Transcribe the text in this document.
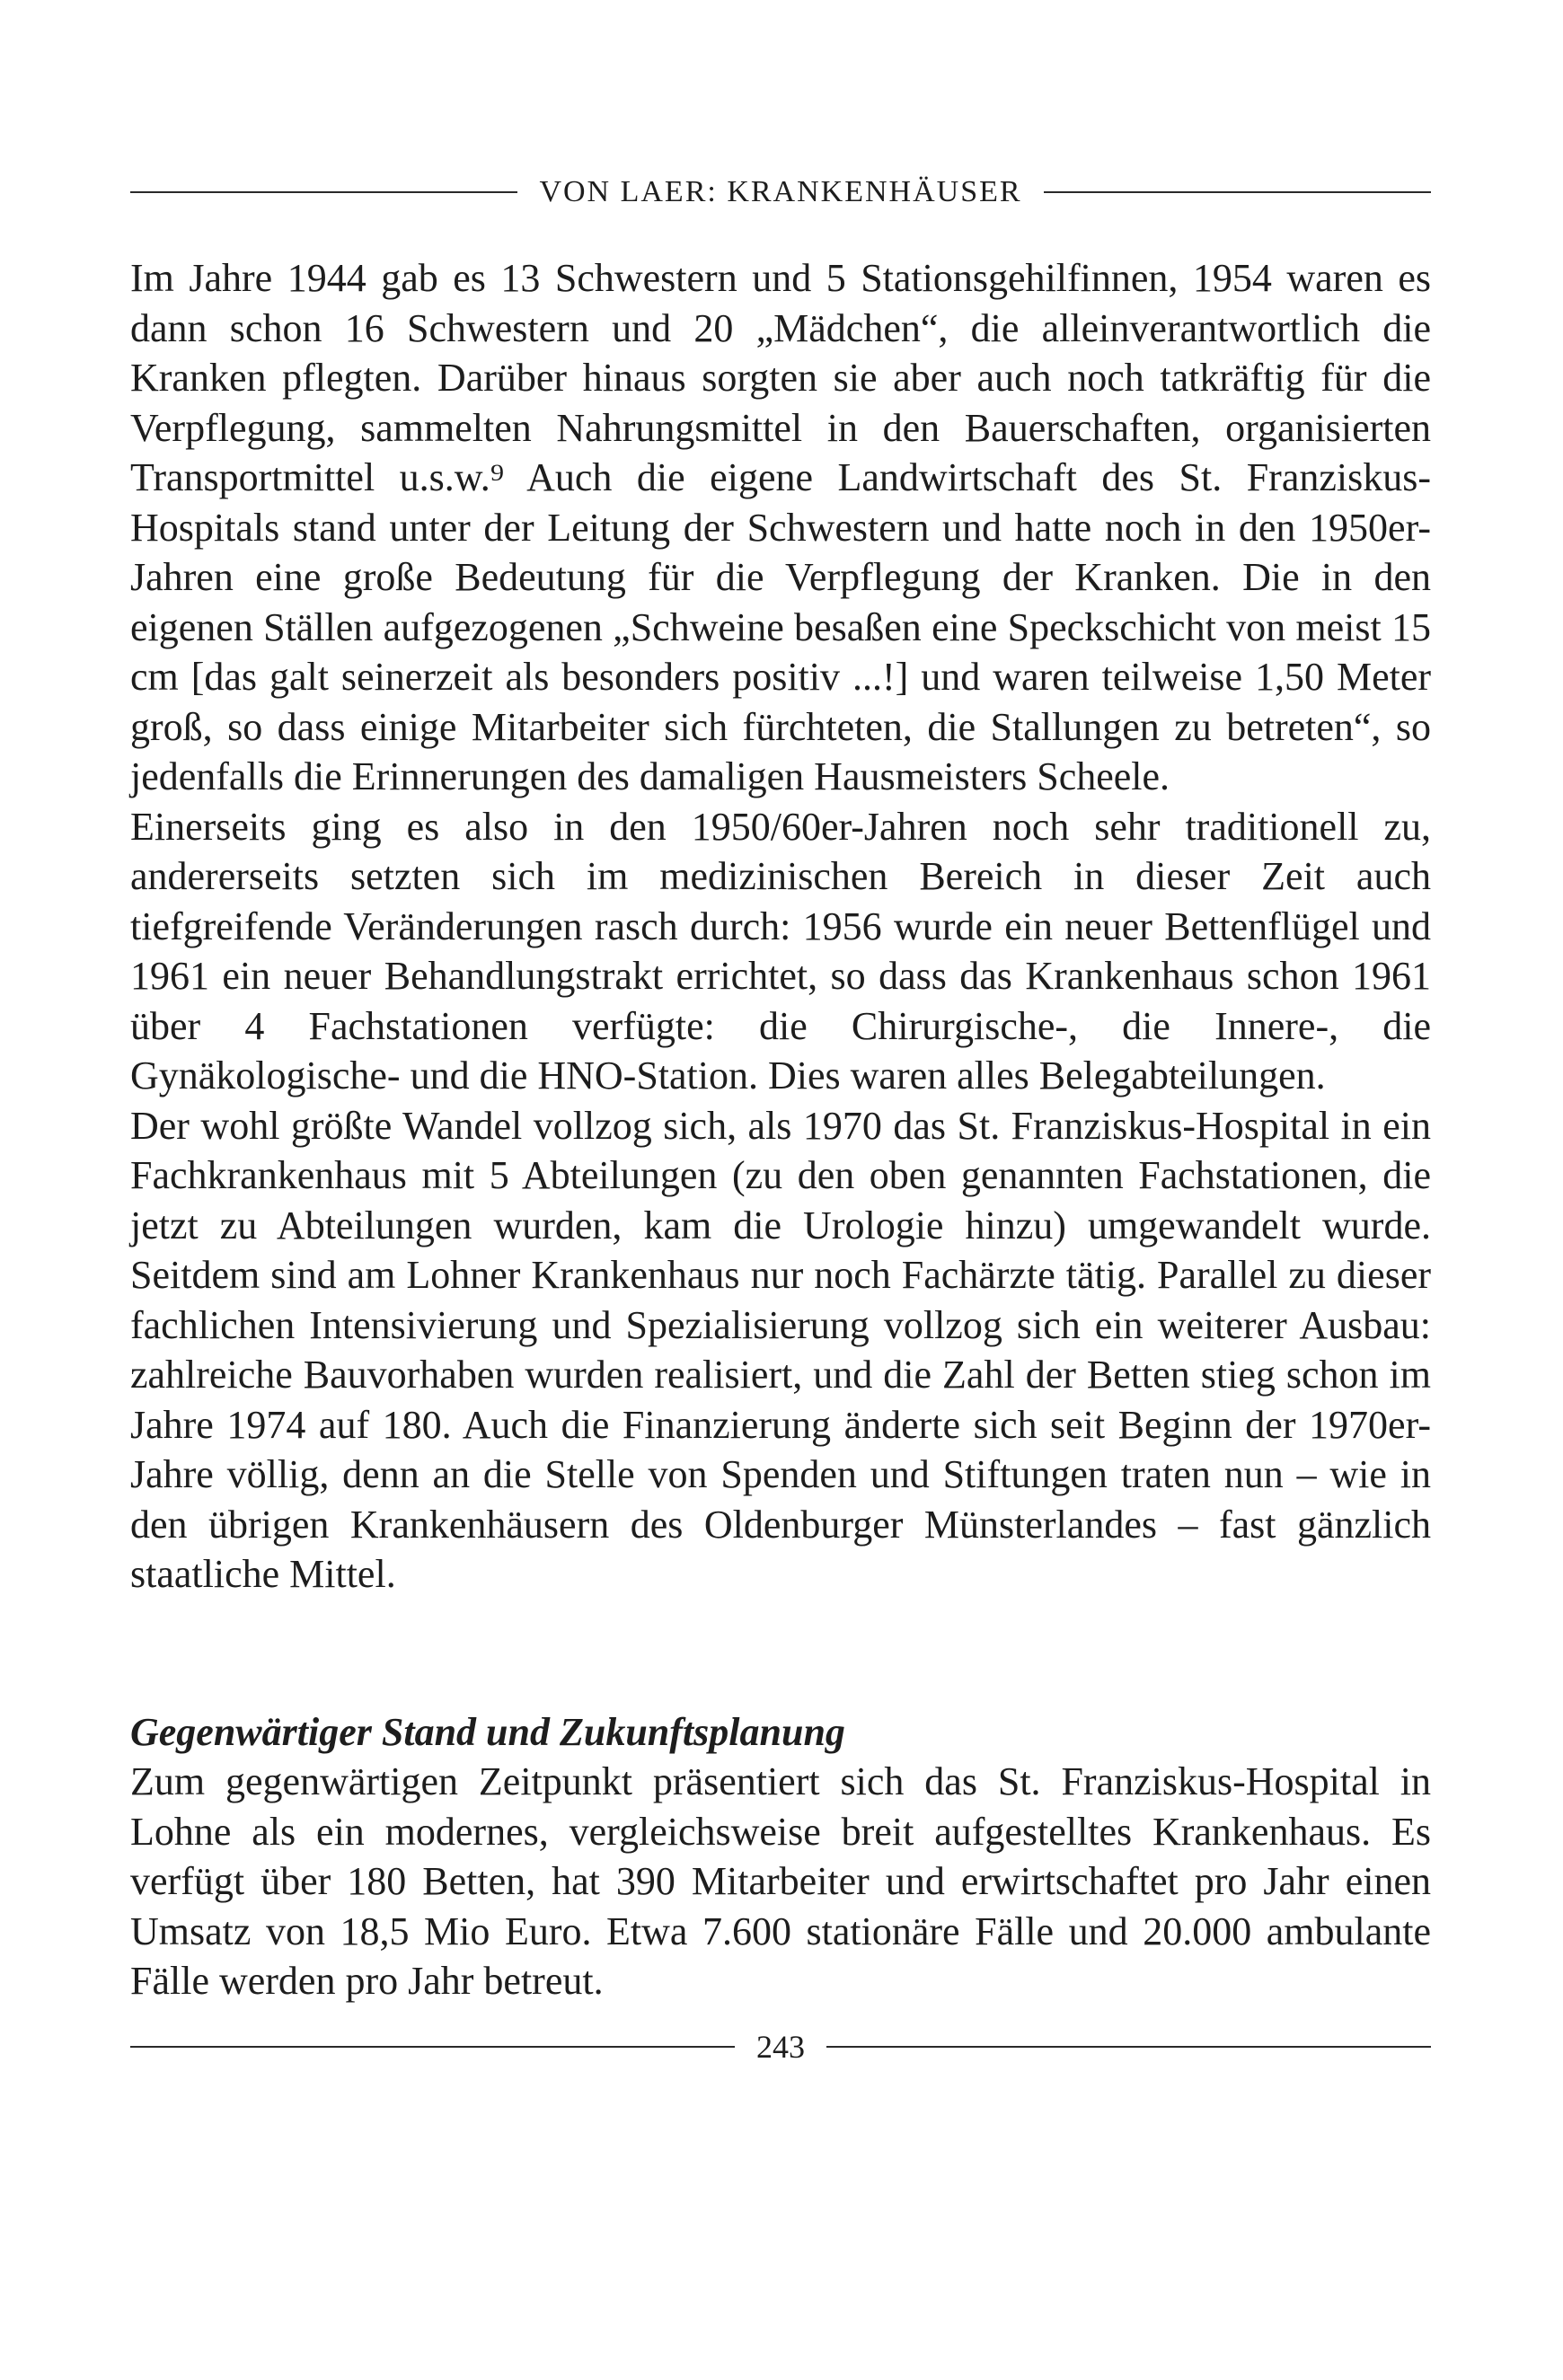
VON LAER: KRANKENHÄUSER

Im Jahre 1944 gab es 13 Schwestern und 5 Stationsgehilfinnen, 1954 waren es dann schon 16 Schwestern und 20 „Mädchen“, die alleinverantwortlich die Kranken pflegten. Darüber hinaus sorgten sie aber auch noch tatkräftig für die Verpflegung, sammelten Nahrungsmittel in den Bauerschaften, organisierten Transportmittel u.s.w.⁹ Auch die eigene Landwirtschaft des St. Franziskus-Hospitals stand unter der Leitung der Schwestern und hatte noch in den 1950er-Jahren eine große Bedeutung für die Verpflegung der Kranken. Die in den eigenen Ställen aufgezogenen „Schweine besaßen eine Speckschicht von meist 15 cm [das galt seinerzeit als besonders positiv ...!] und waren teilweise 1,50 Meter groß, so dass einige Mitarbeiter sich fürchteten, die Stallungen zu betreten“, so jedenfalls die Erinnerungen des damaligen Hausmeisters Scheele.

Einerseits ging es also in den 1950/60er-Jahren noch sehr traditionell zu, andererseits setzten sich im medizinischen Bereich in dieser Zeit auch tiefgreifende Veränderungen rasch durch: 1956 wurde ein neuer Bettenflügel und 1961 ein neuer Behandlungstrakt errichtet, so dass das Krankenhaus schon 1961 über 4 Fachstationen verfügte: die Chirurgische-, die Innere-, die Gynäkologische- und die HNO-Station. Dies waren alles Belegabteilungen.

Der wohl größte Wandel vollzog sich, als 1970 das St. Franziskus-Hospital in ein Fachkrankenhaus mit 5 Abteilungen (zu den oben genannten Fachstationen, die jetzt zu Abteilungen wurden, kam die Urologie hinzu) umgewandelt wurde. Seitdem sind am Lohner Krankenhaus nur noch Fachärzte tätig. Parallel zu dieser fachlichen Intensivierung und Spezialisierung vollzog sich ein weiterer Ausbau: zahlreiche Bauvorhaben wurden realisiert, und die Zahl der Betten stieg schon im Jahre 1974 auf 180. Auch die Finanzierung änderte sich seit Beginn der 1970er-Jahre völlig, denn an die Stelle von Spenden und Stiftungen traten nun – wie in den übrigen Krankenhäusern des Oldenburger Münsterlandes – fast gänzlich staatliche Mittel.

Gegenwärtiger Stand und Zukunftsplanung

Zum gegenwärtigen Zeitpunkt präsentiert sich das St. Franziskus-Hospital in Lohne als ein modernes, vergleichsweise breit aufgestelltes Krankenhaus. Es verfügt über 180 Betten, hat 390 Mitarbeiter und erwirtschaftet pro Jahr einen Umsatz von 18,5 Mio Euro. Etwa 7.600 stationäre Fälle und 20.000 ambulante Fälle werden pro Jahr betreut.

243
